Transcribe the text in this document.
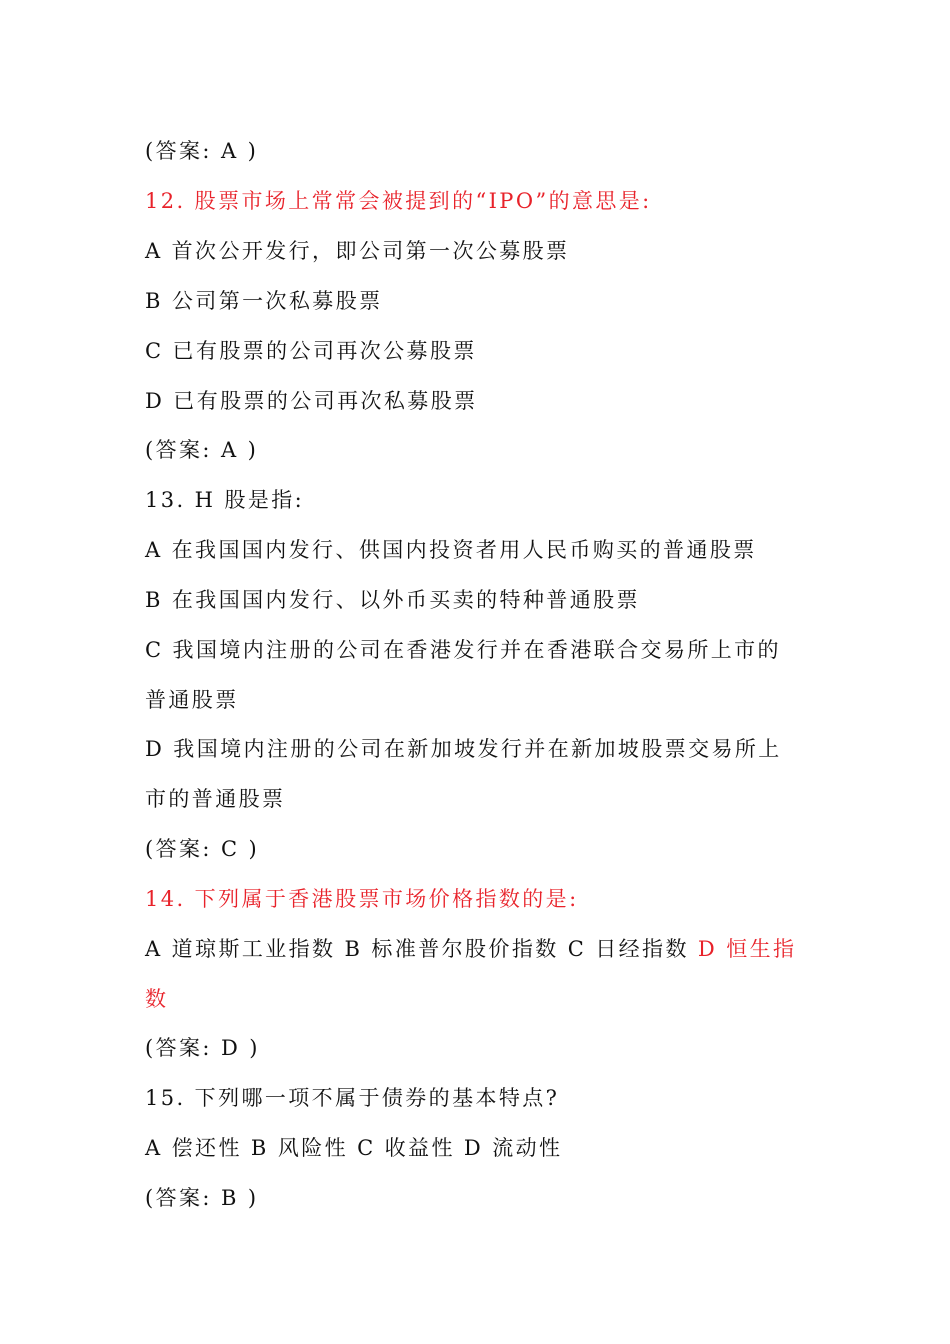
(答案: A )
12. 股票市场上常常会被提到的“IPO”的意思是:
A 首次公开发行，即公司第一次公募股票
B 公司第一次私募股票
C 已有股票的公司再次公募股票
D 已有股票的公司再次私募股票
(答案: A )
13. H 股是指:
A 在我国国内发行、供国内投资者用人民币购买的普通股票
B 在我国国内发行、以外币买卖的特种普通股票
C 我国境内注册的公司在香港发行并在香港联合交易所上市的
普通股票
D 我国境内注册的公司在新加坡发行并在新加坡股票交易所上
市的普通股票
(答案: C )
14. 下列属于香港股票市场价格指数的是:
A 道琼斯工业指数 B 标准普尔股价指数 C 日经指数 D 恒生指
数
(答案: D )
15. 下列哪一项不属于债券的基本特点?
A 偿还性 B 风险性 C 收益性 D 流动性
(答案: B )
